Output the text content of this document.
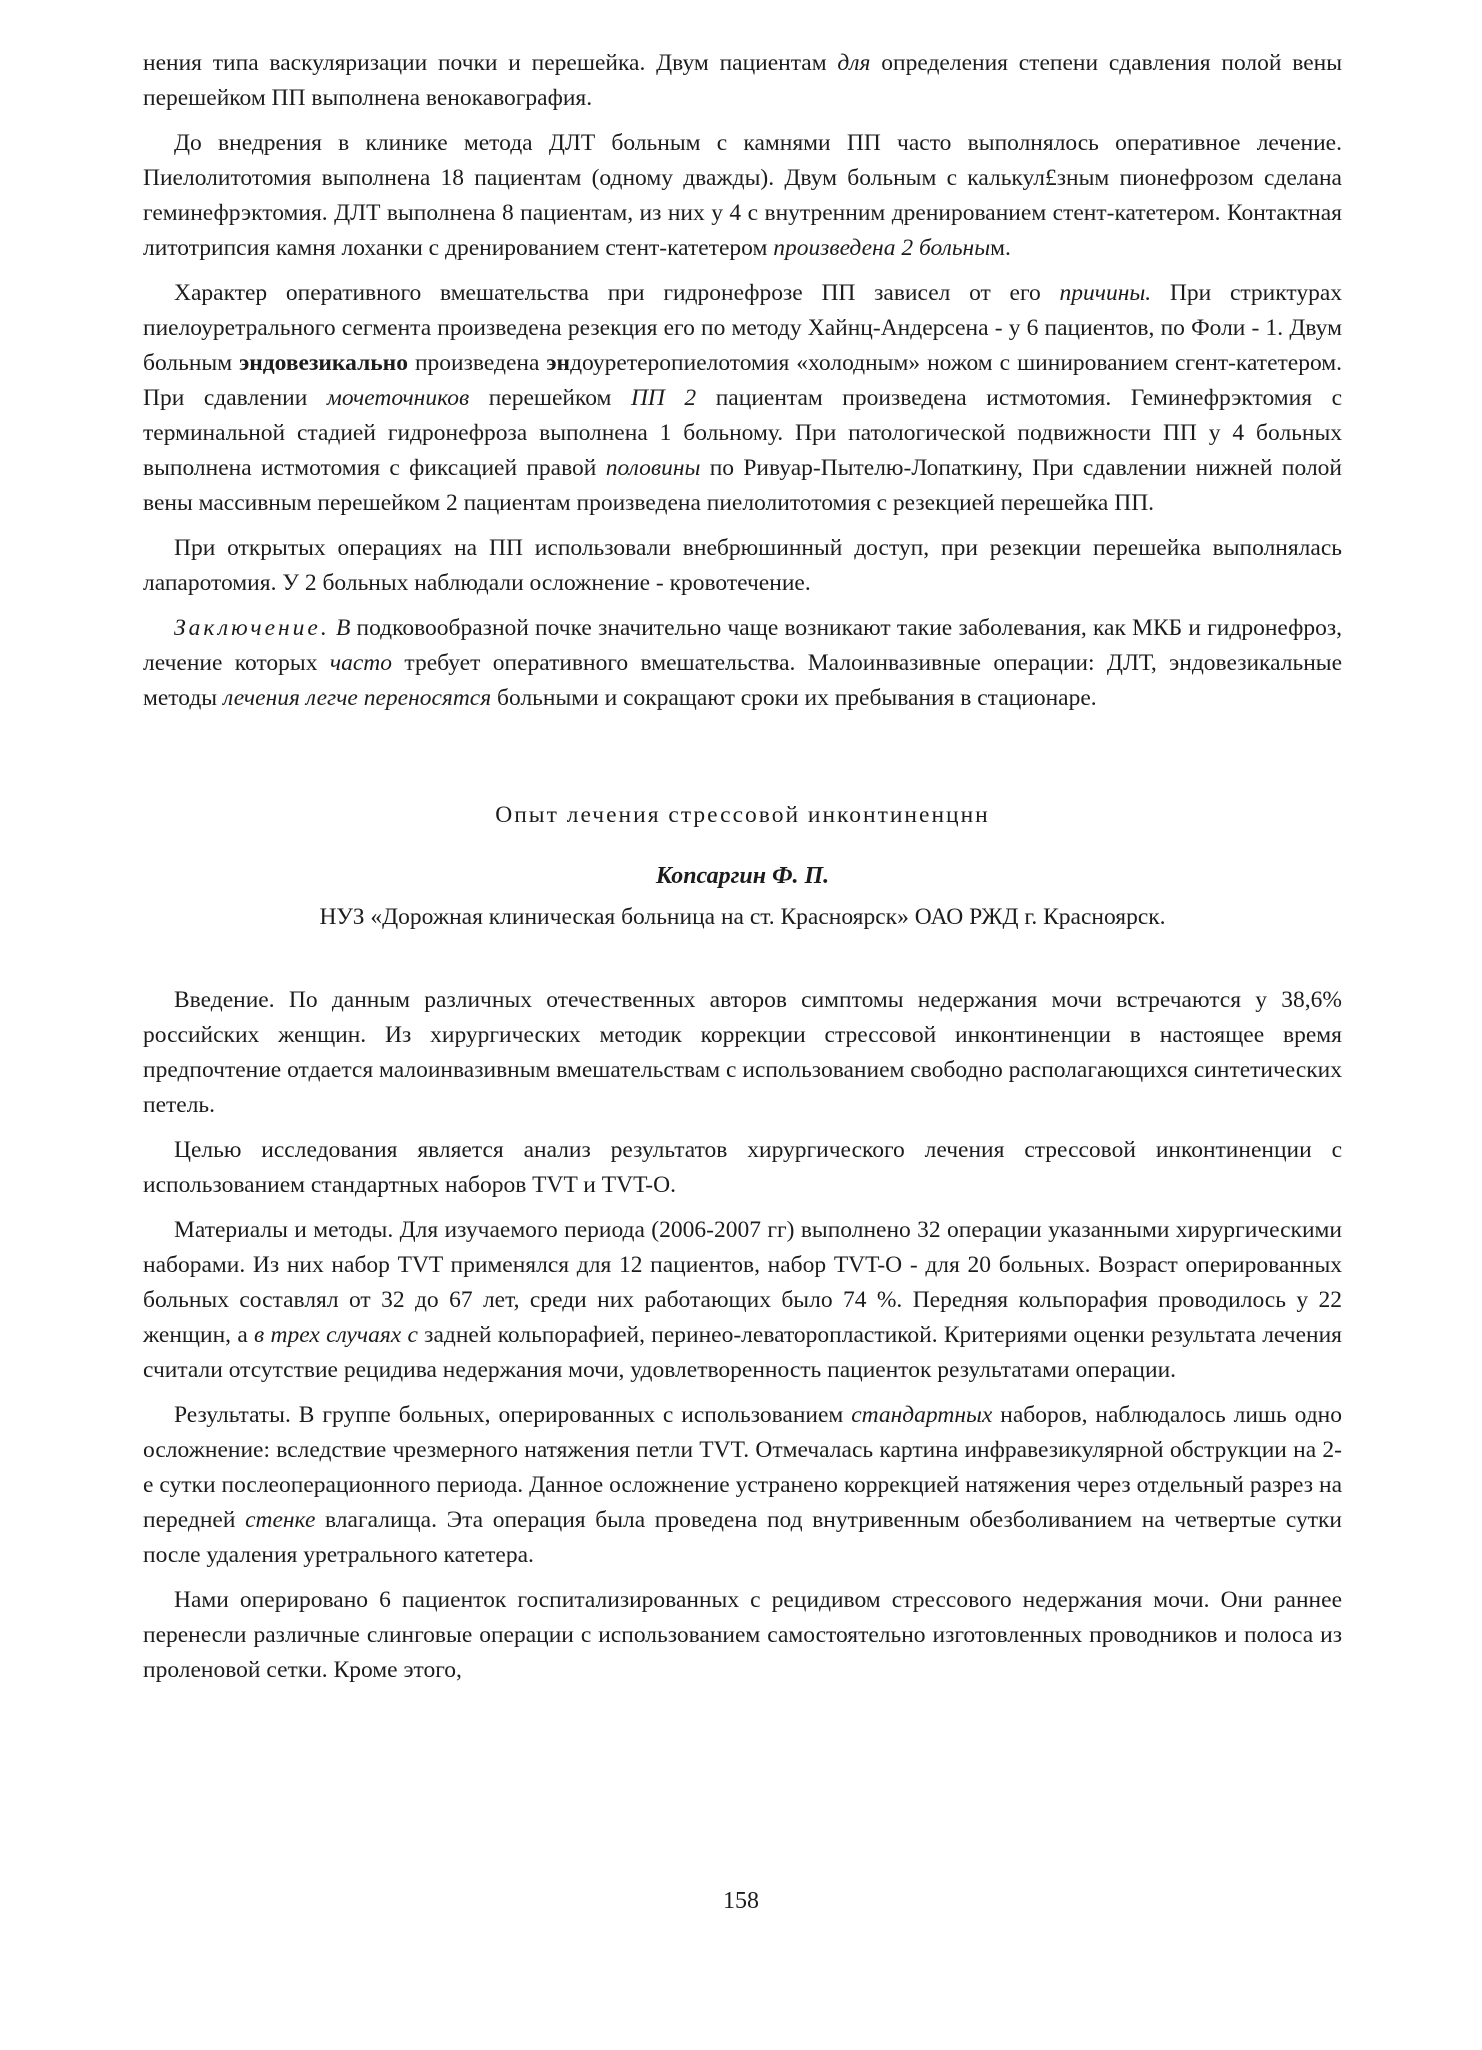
нения типа васкуляризации почки и перешейка. Двум пациентам для определения степени сдавления полой вены перешейком ПП выполнена венокавография.

До внедрения в клинике метода ДЛТ больным с камнями ПП часто выполнялось оперативное лечение. Пиелолитотомия выполнена 18 пациентам (одному дважды). Двум больным с калькул£зным пионефрозом сделана геминефрэктомия. ДЛТ выполнена 8 пациентам, из них у 4 с внутренним дренированием стент-катетером. Контактная литотрипсия камня лоханки с дренированием стент-катетером произведена 2 больным.

Характер оперативного вмешательства при гидронефрозе ПП зависел от его причины. При стриктурах пиелоуретрального сегмента произведена резекция его по методу Хайнц-Андерсена - у 6 пациентов, по Фоли - 1. Двум больным эндовезикально произведена эндоуретеропиелотомия «холодным» ножом с шинированием сгент-катетером. При сдавлении мочеточников перешейком ПП 2 пациентам произведена истмотомия. Геминефрэктомия с терминальной стадией гидронефроза выполнена 1 больному. При патологической подвижности ПП у 4 больных выполнена истмотомия с фиксацией правой половины по Ривуар-Пытелю-Лопаткину, При сдавлении нижней полой вены массивным перешейком 2 пациентам произведена пиелолитотомия с резекцией перешейка ПП.

При открытых операциях на ПП использовали внебрюшинный доступ, при резекции перешейка выполнялась лапаротомия. У 2 больных наблюдали осложнение - кровотечение.

Заключение. В подковообразной почке значительно чаще возникают такие заболевания, как МКБ и гидронефроз, лечение которых часто требует оперативного вмешательства. Малоинвазивные операции: ДЛТ, эндовезикальные методы лечения легче переносятся больными и сокращают сроки их пребывания в стационаре.

Опыт лечения стрессовой инконтиненцнн
Копсаргин Ф. П.
НУЗ «Дорожная клиническая больница на ст. Красноярск» ОАО РЖД г. Красноярск.

Введение. По данным различных отечественных авторов симптомы недержания мочи встречаются у 38,6% российских женщин. Из хирургических методик коррекции стрессовой инконтиненции в настоящее время предпочтение отдается малоинвазивным вмешательствам с использованием свободно располагающихся синтетических петель.

Целью исследования является анализ результатов хирургического лечения стрессовой инконтиненции с использованием стандартных наборов TVT и TVT-O.

Материалы и методы. Для изучаемого периода (2006-2007 гг) выполнено 32 операции указанными хирургическими наборами. Из них набор TVT применялся для 12 пациентов, набор TVT-O - для 20 больных. Возраст оперированных больных составлял от 32 до 67 лет, среди них работающих было 74 %. Передняя кольпорафия проводилось у 22 женщин, а в трех случаях с задней кольпорафией, перинео-леваторопластикой. Критериями оценки результата лечения считали отсутствие рецидива недержания мочи, удовлетворенность пациенток результатами операции.

Результаты. В группе больных, оперированных с использованием стандартных наборов, наблюдалось лишь одно осложнение: вследствие чрезмерного натяжения петли TVT. Отмечалась картина инфравезикулярной обструкции на 2-е сутки послеоперационного периода. Данное осложнение устранено коррекцией натяжения через отдельный разрез на передней стенке влагалища. Эта операция была проведена под внутривенным обезболиванием на четвертые сутки после удаления уретрального катетера.

Нами оперировано 6 пациенток госпитализированных с рецидивом стрессового недержания мочи. Они раннее перенесли различные слинговые операции с использованием самостоятельно изготовленных проводников и полоса из проленовой сетки. Кроме этого,

158
